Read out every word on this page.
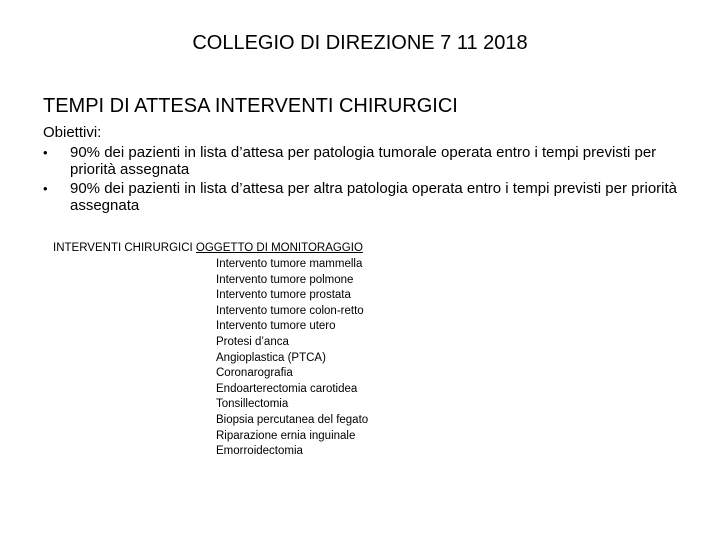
COLLEGIO DI DIREZIONE 7 11 2018
TEMPI DI ATTESA INTERVENTI CHIRURGICI
Obiettivi:
• 90% dei pazienti in lista d’attesa per patologia tumorale operata entro i tempi previsti per priorità assegnata
• 90% dei pazienti in lista d’attesa per altra patologia operata entro i tempi previsti per priorità assegnata
INTERVENTI CHIRURGICI OGGETTO DI MONITORAGGIO
Intervento tumore mammella
Intervento tumore polmone
Intervento tumore prostata
Intervento tumore colon-retto
Intervento tumore utero
Protesi d’anca
Angioplastica (PTCA)
Coronarografia
Endoarterectomia carotidea
Tonsillectomia
Biopsia percutanea del fegato
Riparazione ernia inguinale
Emorroidectomia
